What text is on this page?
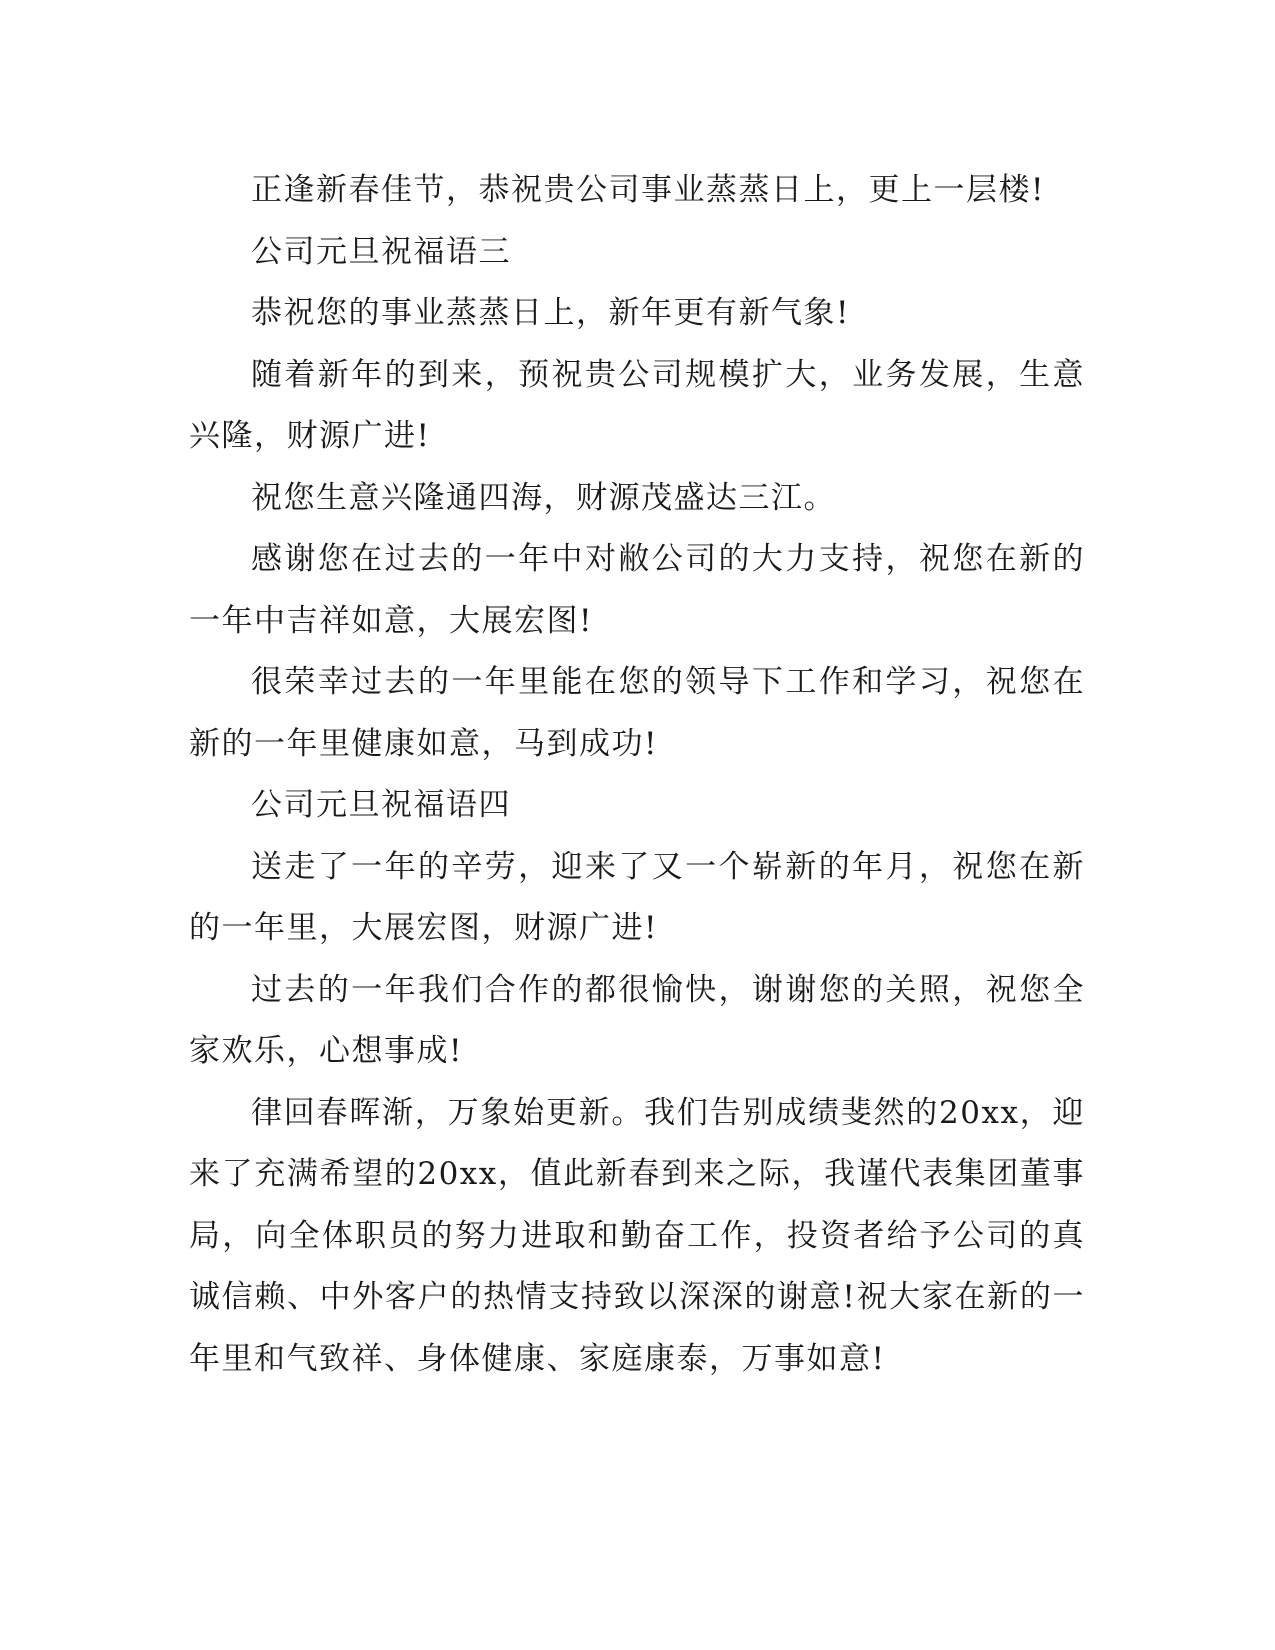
正逢新春佳节，恭祝贵公司事业蒸蒸日上，更上一层楼!

公司元旦祝福语三

恭祝您的事业蒸蒸日上，新年更有新气象!

随着新年的到来，预祝贵公司规模扩大，业务发展，生意兴隆，财源广进!

祝您生意兴隆通四海，财源茂盛达三江。

感谢您在过去的一年中对敝公司的大力支持，祝您在新的一年中吉祥如意，大展宏图!

很荣幸过去的一年里能在您的领导下工作和学习，祝您在新的一年里健康如意，马到成功!

公司元旦祝福语四

送走了一年的辛劳，迎来了又一个崭新的年月，祝您在新的一年里，大展宏图，财源广进!

过去的一年我们合作的都很愉快，谢谢您的关照，祝您全家欢乐，心想事成!

律回春晖渐，万象始更新。我们告别成绩斐然的20xx，迎来了充满希望的20xx，值此新春到来之际，我谨代表集团董事局，向全体职员的努力进取和勤奋工作，投资者给予公司的真诚信赖、中外客户的热情支持致以深深的谢意!祝大家在新的一年里和气致祥、身体健康、家庭康泰，万事如意!
